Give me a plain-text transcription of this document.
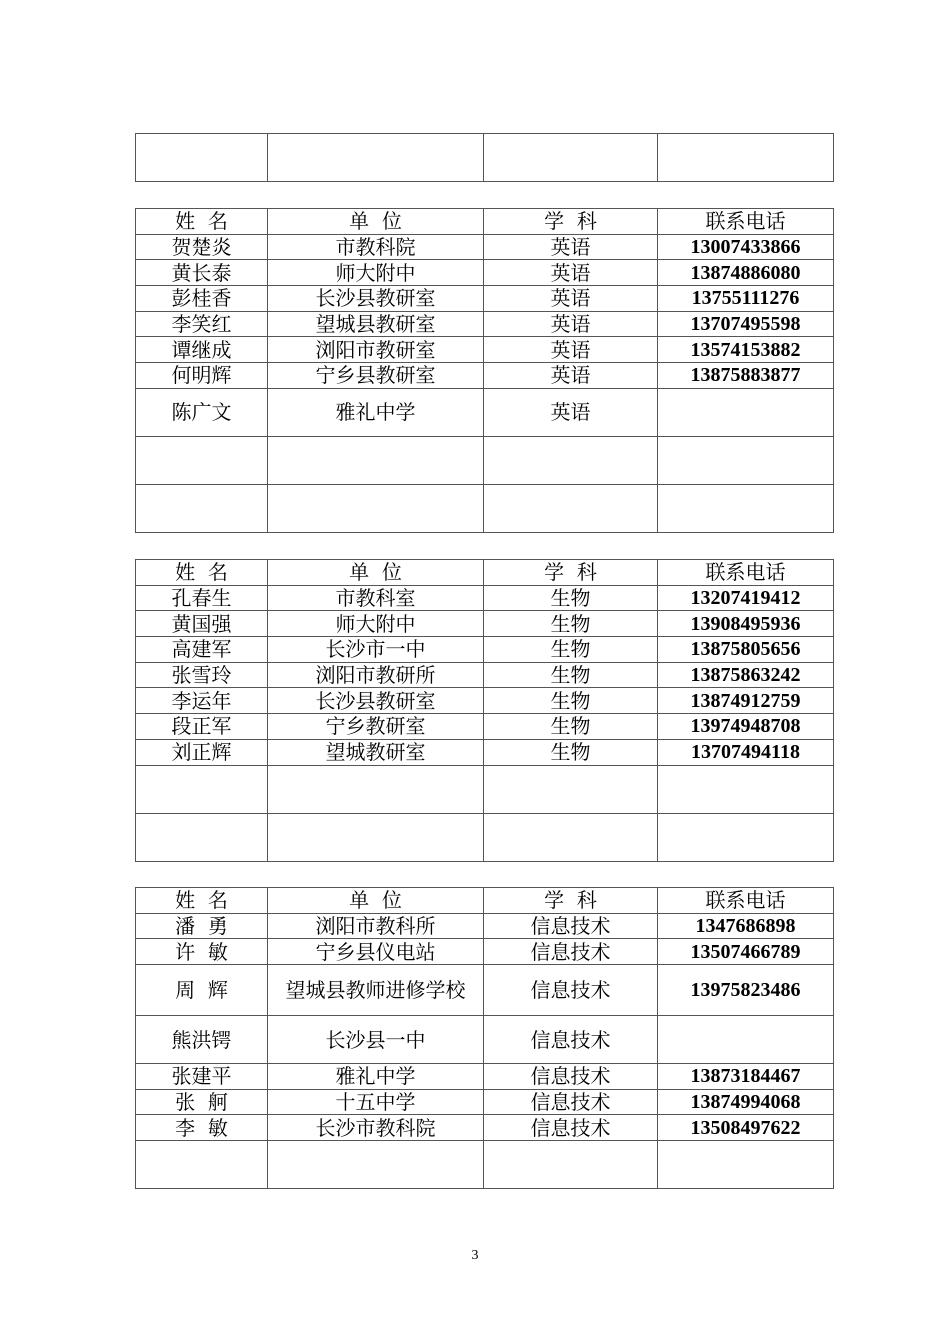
姓  名	单  位	学  科	联系电话
贺楚炎	市教科院	英语	13007433866
黄长泰	师大附中	英语	13874886080
彭桂香	长沙县教研室	英语	13755111276
李笑红	望城县教研室	英语	13707495598
谭继成	浏阳市教研室	英语	13574153882
何明辉	宁乡县教研室	英语	13875883877
陈广文	雅礼中学	英语	

姓  名	单  位	学  科	联系电话
孔春生	市教科室	生物	13207419412
黄国强	师大附中	生物	13908495936
高建军	长沙市一中	生物	13875805656
张雪玲	浏阳市教研所	生物	13875863242
李运年	长沙县教研室	生物	13874912759
段正军	宁乡教研室	生物	13974948708
刘正辉	望城教研室	生物	13707494118

姓  名	单  位	学  科	联系电话
潘  勇	浏阳市教科所	信息技术	1347686898
许  敏	宁乡县仪电站	信息技术	13507466789
周  辉	望城县教师进修学校	信息技术	13975823486
熊洪锷	长沙县一中	信息技术	
张建平	雅礼中学	信息技术	13873184467
张  舸	十五中学	信息技术	13874994068
李  敏	长沙市教科院	信息技术	13508497622

3
